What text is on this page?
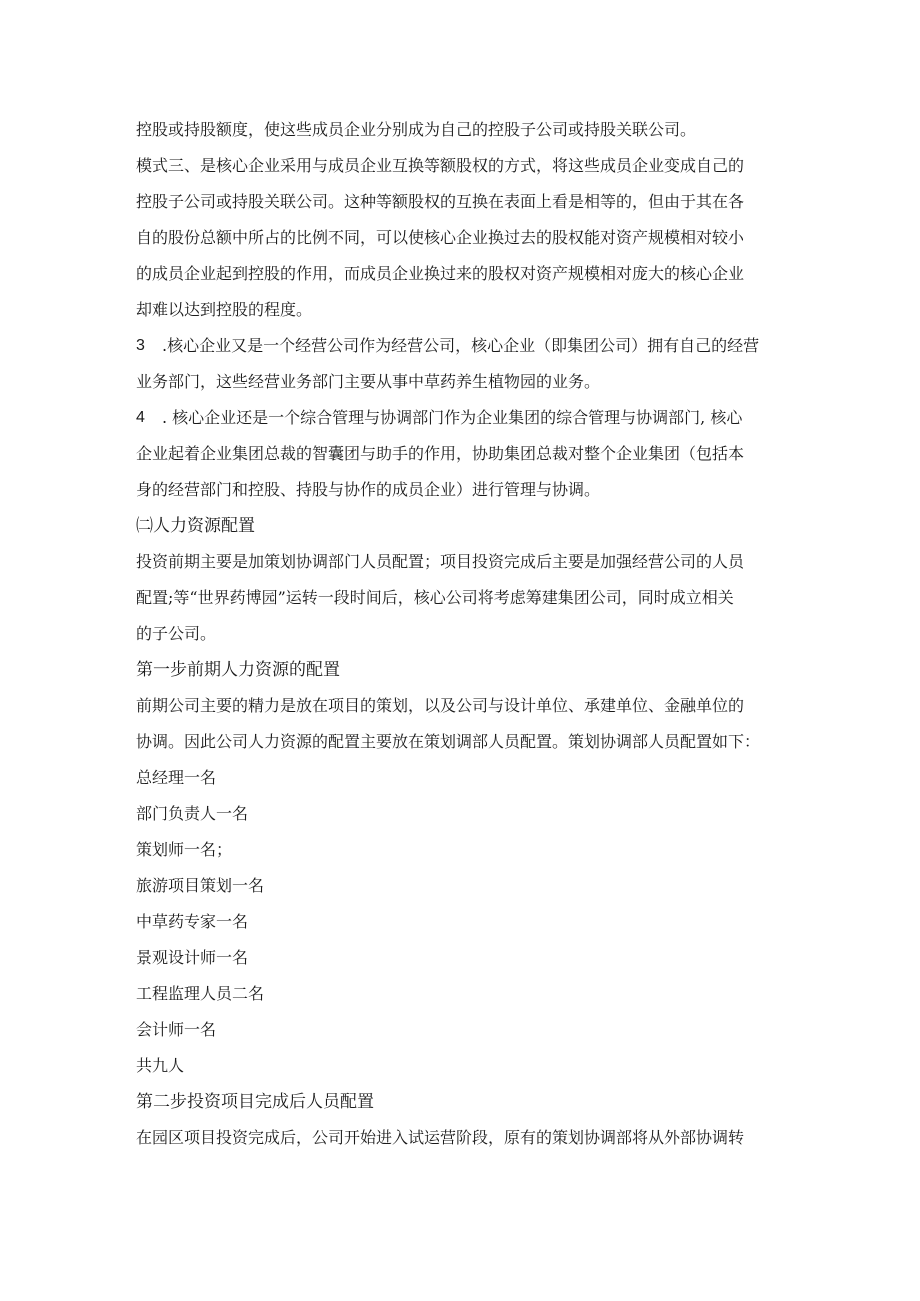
控股或持股额度，使这些成员企业分别成为自己的控股子公司或持股关联公司。
模式三、是核心企业采用与成员企业互换等额股权的方式，将这些成员企业变成自己的
控股子公司或持股关联公司。这种等额股权的互换在表面上看是相等的，但由于其在各
自的股份总额中所占的比例不同，可以使核心企业换过去的股权能对资产规模相对较小
的成员企业起到控股的作用，而成员企业换过来的股权对资产规模相对庞大的核心企业
却难以达到控股的程度。
3	.核心企业又是一个经营公司作为经营公司，核心企业（即集团公司）拥有自己的经营
业务部门，这些经营业务部门主要从事中草药养生植物园的业务。
4	. 核心企业还是一个综合管理与协调部门作为企业集团的综合管理与协调部门, 核心
企业起着企业集团总裁的智囊团与助手的作用，协助集团总裁对整个企业集团（包括本
身的经营部门和控股、持股与协作的成员企业）进行管理与协调。
㈡人力资源配置
投资前期主要是加策划协调部门人员配置；项目投资完成后主要是加强经营公司的人员
配置;等“世界药博园”运转一段时间后，核心公司将考虑筹建集团公司，同时成立相关
的子公司。
第一步前期人力资源的配置
前期公司主要的精力是放在项目的策划，以及公司与设计单位、承建单位、金融单位的
协调。因此公司人力资源的配置主要放在策划调部人员配置。策划协调部人员配置如下：
总经理一名
部门负责人一名
策划师一名；
旅游项目策划一名
中草药专家一名
景观设计师一名
工程监理人员二名
会计师一名
共九人
第二步投资项目完成后人员配置
在园区项目投资完成后，公司开始进入试运营阶段，原有的策划协调部将从外部协调转
